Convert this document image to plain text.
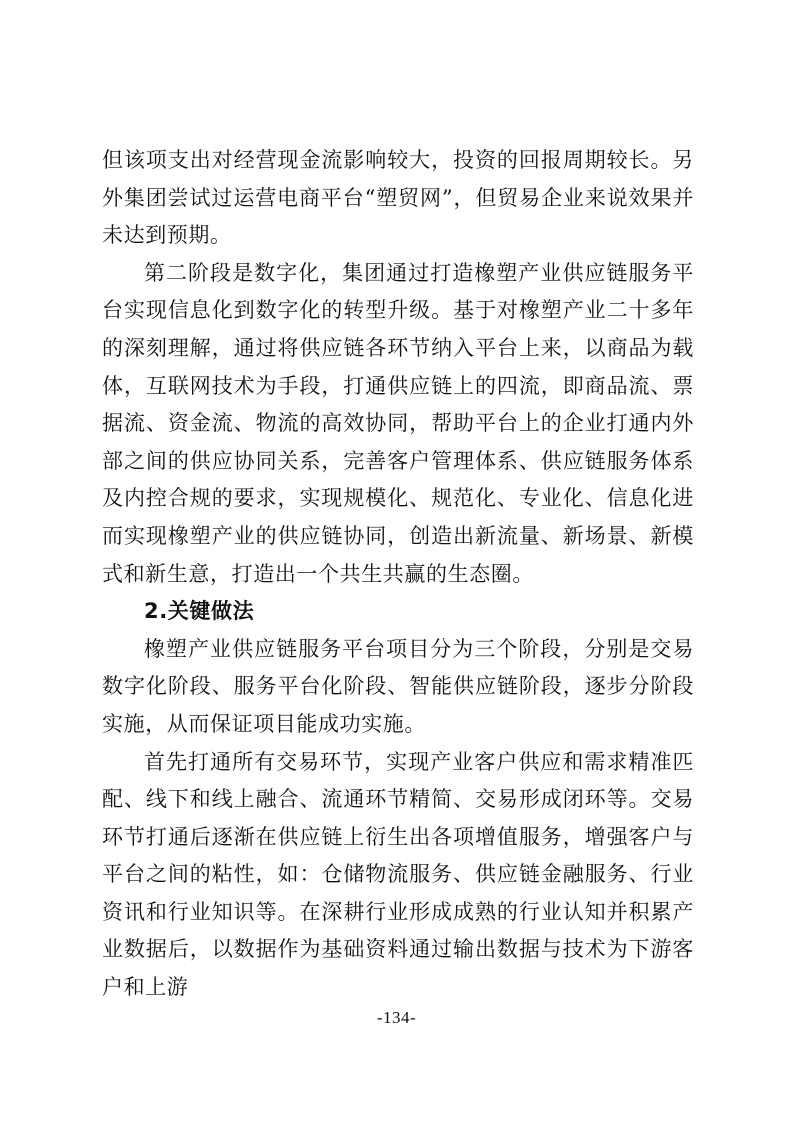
但该项支出对经营现金流影响较大，投资的回报周期较长。另外集团尝试过运营电商平台“塑贸网”，但贸易企业来说效果并未达到预期。

第二阶段是数字化，集团通过打造橡塑产业供应链服务平台实现信息化到数字化的转型升级。基于对橡塑产业二十多年的深刻理解，通过将供应链各环节纳入平台上来，以商品为载体，互联网技术为手段，打通供应链上的四流，即商品流、票据流、资金流、物流的高效协同，帮助平台上的企业打通内外部之间的供应协同关系，完善客户管理体系、供应链服务体系及内控合规的要求，实现规模化、规范化、专业化、信息化进而实现橡塑产业的供应链协同，创造出新流量、新场景、新模式和新生意，打造出一个共生共赢的生态圈。

2.关键做法

橡塑产业供应链服务平台项目分为三个阶段，分别是交易数字化阶段、服务平台化阶段、智能供应链阶段，逐步分阶段实施，从而保证项目能成功实施。

首先打通所有交易环节，实现产业客户供应和需求精准匹配、线下和线上融合、流通环节精简、交易形成闭环等。交易环节打通后逐渐在供应链上衍生出各项增值服务，增强客户与平台之间的粘性，如：仓储物流服务、供应链金融服务、行业资讯和行业知识等。在深耕行业形成成熟的行业认知并积累产业数据后，以数据作为基础资料通过输出数据与技术为下游客户和上游

-134-
